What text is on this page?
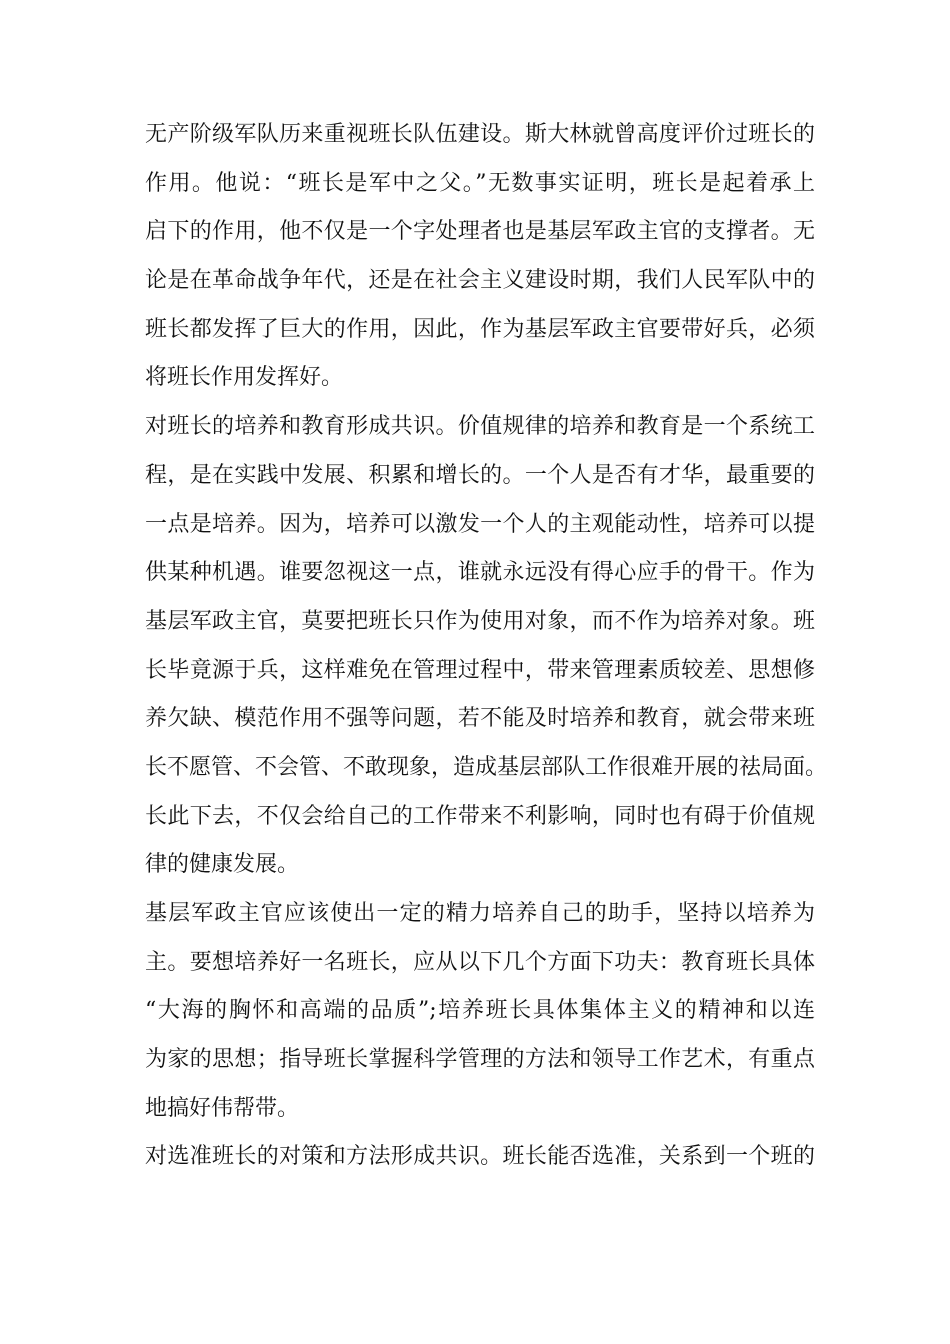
无产阶级军队历来重视班长队伍建设。斯大林就曾高度评价过班长的
作用。他说：“班长是军中之父。”无数事实证明，班长是起着承上
启下的作用，他不仅是一个字处理者也是基层军政主官的支撑者。无
论是在革命战争年代，还是在社会主义建设时期，我们人民军队中的
班长都发挥了巨大的作用，因此，作为基层军政主官要带好兵，必须
将班长作用发挥好。
对班长的培养和教育形成共识。价值规律的培养和教育是一个系统工
程，是在实践中发展、积累和增长的。一个人是否有才华，最重要的
一点是培养。因为，培养可以激发一个人的主观能动性，培养可以提
供某种机遇。谁要忽视这一点，谁就永远没有得心应手的骨干。作为
基层军政主官，莫要把班长只作为使用对象，而不作为培养对象。班
长毕竟源于兵，这样难免在管理过程中，带来管理素质较差、思想修
养欠缺、模范作用不强等问题，若不能及时培养和教育，就会带来班
长不愿管、不会管、不敢现象，造成基层部队工作很难开展的祛局面。
长此下去，不仅会给自己的工作带来不利影响，同时也有碍于价值规
律的健康发展。
基层军政主官应该使出一定的精力培养自己的助手，坚持以培养为
主。要想培养好一名班长，应从以下几个方面下功夫：教育班长具体
“大海的胸怀和高端的品质”;培养班长具体集体主义的精神和以连
为家的思想；指导班长掌握科学管理的方法和领导工作艺术，有重点
地搞好伟帮带。
对选准班长的对策和方法形成共识。班长能否选准，关系到一个班的
